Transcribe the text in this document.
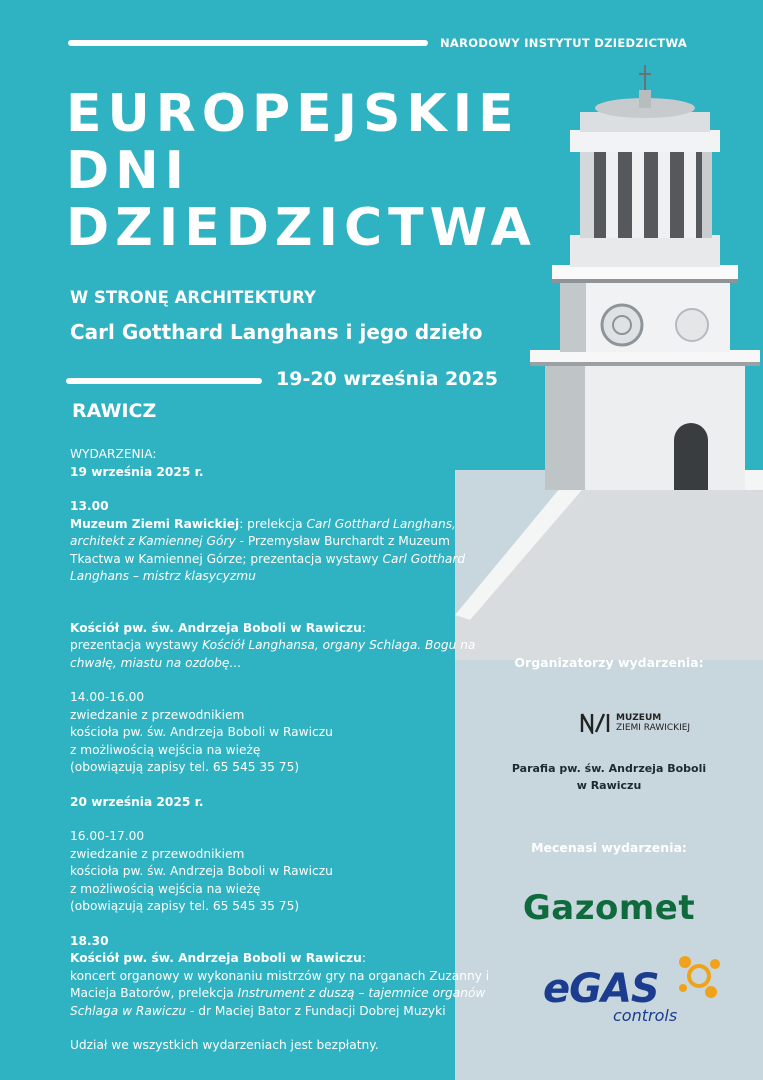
NARODOWY INSTYTUT DZIEDZICTWA
EUROPEJSKIE
DNI
DZIEDZICTWA
W STRONĘ ARCHITEKTURY
Carl Gotthard Langhans i jego dzieło
19-20 września 2025
RAWICZ

WYDARZENIA:

19 września 2025 r.

13.00

Muzeum Ziemi Rawickiej: prelekcja Carl Gotthard Langhans, architekt z Kamiennej Góry - Przemysław Burchardt z Muzeum Tkactwa w Kamiennej Górze; prezentacja wystawy Carl Gotthard Langhans – mistrz klasycyzmu

Kościół pw. św. Andrzeja Boboli w Rawiczu:
prezentacja wystawy Kościół Langhansa, organy Schlaga. Bogu na chwałę, miastu na ozdobę…

14.00-16.00

zwiedzanie z przewodnikiem

kościoła pw. św. Andrzeja Boboli w Rawiczu

z możliwością wejścia na wieżę

(obowiązują zapisy tel. 65 545 35 75)

20 września 2025 r.

16.00-17.00

zwiedzanie z przewodnikiem

kościoła pw. św. Andrzeja Boboli w Rawiczu

z możliwością wejścia na wieżę

(obowiązują zapisy tel. 65 545 35 75)

18.30

Kościół pw. św. Andrzeja Boboli w Rawiczu:
koncert organowy w wykonaniu mistrzów gry na organach Zuzanny i Macieja Batorów, prelekcja Instrument z duszą – tajemnice organów Schlaga w Rawiczu - dr Maciej Bator z Fundacji Dobrej Muzyki

Udział we wszystkich wydarzeniach jest bezpłatny.

Organizatorzy wydarzenia:
MUZEUM
ZIEMI RAWICKIEJ
Parafia pw. św. Andrzeja Boboli
w Rawiczu
Mecenasi wydarzenia:
Gazomet
eGAS
controls
